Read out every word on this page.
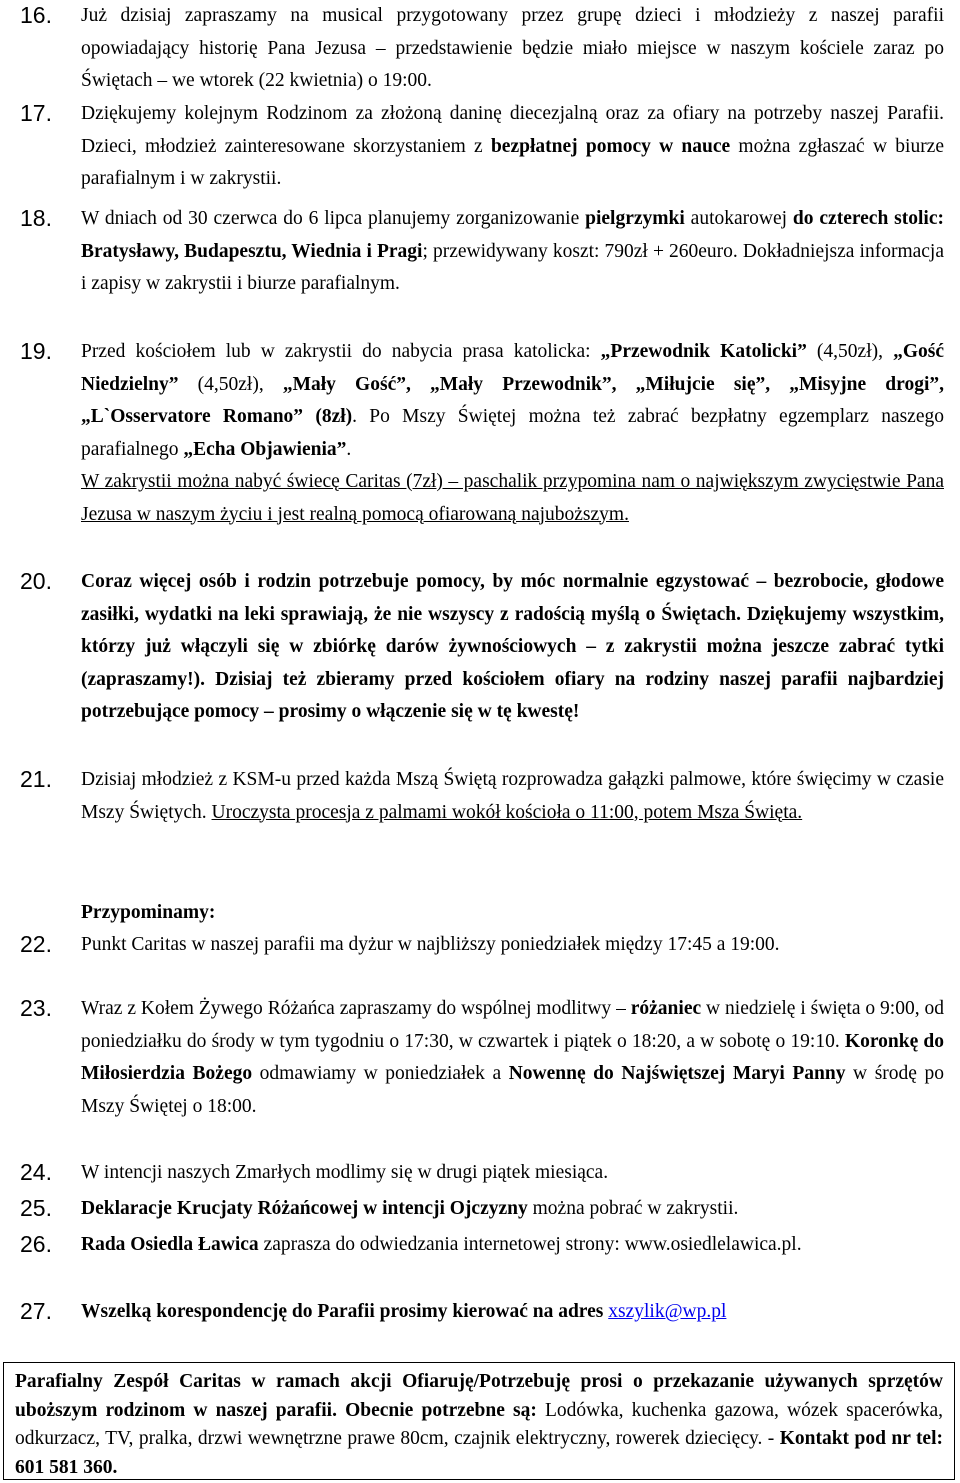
16. Już dzisiaj zapraszamy na musical przygotowany przez grupę dzieci i młodzieży z naszej parafii opowiadający historię Pana Jezusa – przedstawienie będzie miało miejsce w naszym kościele zaraz po Świętach – we wtorek (22 kwietnia) o 19:00.
17. Dziękujemy kolejnym Rodzinom za złożoną daninę diecezjalną oraz za ofiary na potrzeby naszej Parafii. Dzieci, młodzież zainteresowane skorzystaniem z bezpłatnej pomocy w nauce można zgłaszać w biurze parafialnym i w zakrystii.
18. W dniach od 30 czerwca do 6 lipca planujemy zorganizowanie pielgrzymki autokarowej do czterech stolic: Bratysławy, Budapesztu, Wiednia i Pragi; przewidywany koszt: 790zł + 260euro. Dokładniejsza informacja i zapisy w zakrystii i biurze parafialnym.
19. Przed kościołem lub w zakrystii do nabycia prasa katolicka: „Przewodnik Katolicki” (4,50zł), „Gość Niedzielny” (4,50zł), „Mały Gość”, „Mały Przewodnik”, „Miłujcie się”, „Misyjne drogi”, „L`Osservatore Romano” (8zł). Po Mszy Świętej można też zabrać bezpłatny egzemplarz naszego parafialnego „Echa Objawienia”.
W zakrystii można nabyć świecę Caritas (7zł) – paschalik przypomina nam o największym zwycięstwie Pana Jezusa w naszym życiu i jest realną pomocą ofiarowaną najuboższym.
20. Coraz więcej osób i rodzin potrzebuje pomocy, by móc normalnie egzystować – bezrobocie, głodowe zasiłki, wydatki na leki sprawiają, że nie wszyscy z radością myślą o Świętach. Dziękujemy wszystkim, którzy już włączyli się w zbiórkę darów żywnościowych – z zakrystii można jeszcze zabrać tytki (zapraszamy!). Dzisiaj też zbieramy przed kościołem ofiary na rodziny naszej parafii najbardziej potrzebujące pomocy – prosimy o włączenie się w tę kwestę!
21. Dzisiaj młodzież z KSM-u przed każda Mszą Świętą rozprowadza gałązki palmowe, które święcimy w czasie Mszy Świętych. Uroczysta procesja z palmami wokół kościoła o 11:00, potem Msza Święta.
Przypominamy:
22. Punkt Caritas w naszej parafii ma dyżur w najbliższy poniedziałek między 17:45 a 19:00.
23. Wraz z Kołem Żywego Różańca zapraszamy do wspólnej modlitwy – różaniec w niedzielę i święta o 9:00, od poniedziałku do środy w tym tygodniu o 17:30, w czwartek i piątek o 18:20, a w sobotę o 19:10. Koronkę do Miłosierdzia Bożego odmawiamy w poniedziałek a Nowennę do Najświętszej Maryi Panny w środę po Mszy Świętej o 18:00.
24. W intencji naszych Zmarłych modlimy się w drugi piątek miesiąca.
25. Deklaracje Krucjaty Różańcowej w intencji Ojczyzny można pobrać w zakrystii.
26. Rada Osiedla Ławica zaprasza do odwiedzania internetowej strony: www.osiedlelawica.pl.
27. Wszelką korespondencję do Parafii prosimy kierować na adres xszylik@wp.pl
Parafialny Zespół Caritas w ramach akcji Ofiaruję/Potrzebuję prosi o przekazanie używanych sprzętów uboższym rodzinom w naszej parafii. Obecnie potrzebne są: Lodówka, kuchenka gazowa, wózek spacerówka, odkurzacz, TV, pralka, drzwi wewnętrzne prawe 80cm, czajnik elektryczny, rowerek dziecięcy. - Kontakt pod nr tel: 601 581 360.
